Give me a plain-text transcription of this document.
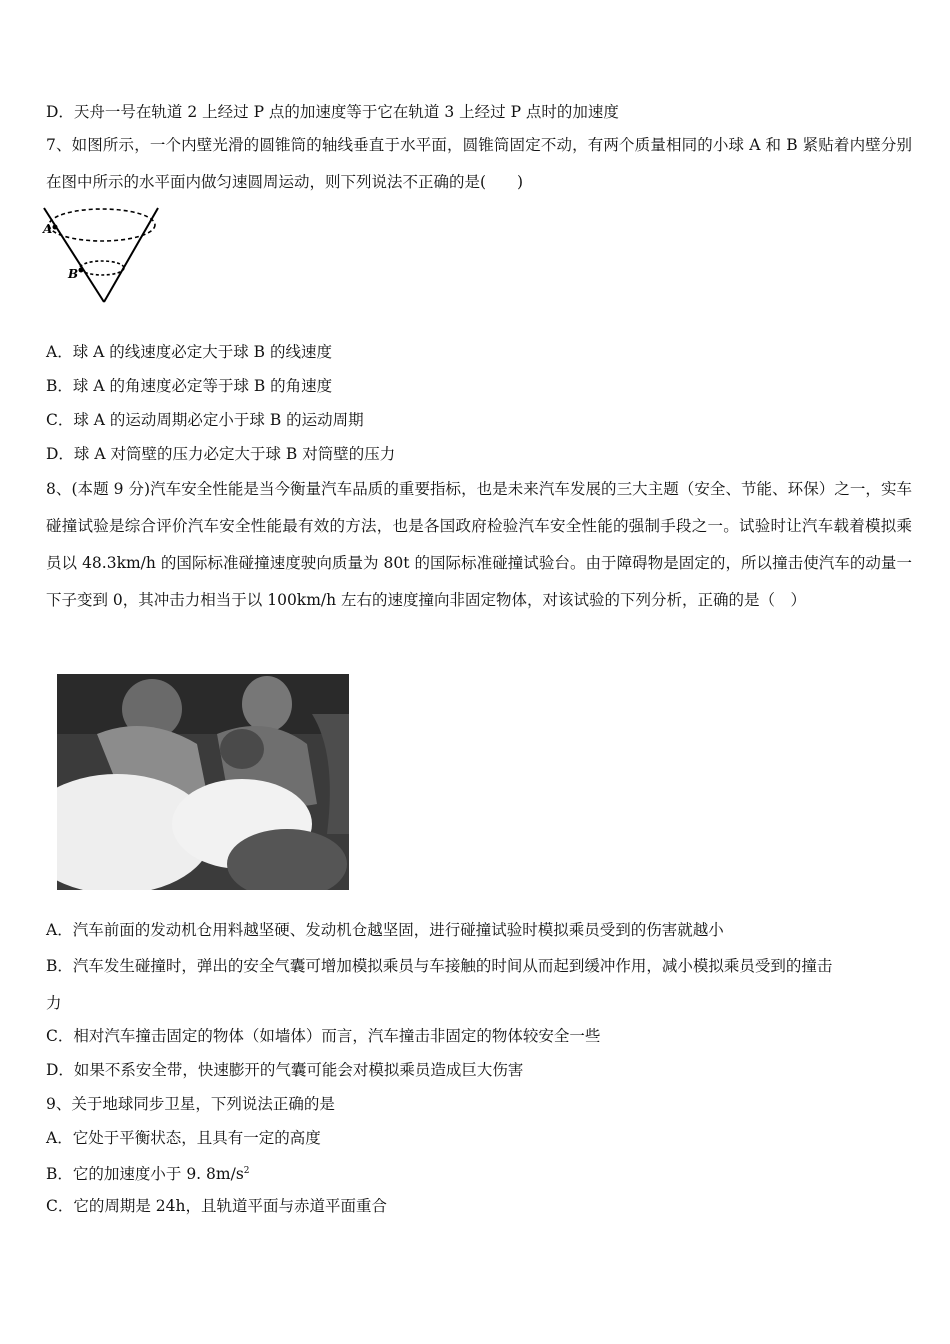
D．天舟一号在轨道 2 上经过 P 点的加速度等于它在轨道 3 上经过 P 点时的加速度
7、如图所示，一个内壁光滑的圆锥筒的轴线垂直于水平面，圆锥筒固定不动，有两个质量相同的小球 A 和 B 紧贴着内壁分别在图中所示的水平面内做匀速圆周运动，则下列说法不正确的是(　　)
A
B
A．球 A 的线速度必定大于球 B 的线速度
B．球 A 的角速度必定等于球 B 的角速度
C．球 A 的运动周期必定小于球 B 的运动周期
D．球 A 对筒壁的压力必定大于球 B 对筒壁的压力
8、(本题 9 分)汽车安全性能是当今衡量汽车品质的重要指标，也是未来汽车发展的三大主题（安全、节能、环保）之一，实车碰撞试验是综合评价汽车安全性能最有效的方法，也是各国政府检验汽车安全性能的强制手段之一。试验时让汽车载着模拟乘员以 48.3km/h 的国际标准碰撞速度驶向质量为 80t 的国际标准碰撞试验台。由于障碍物是固定的，所以撞击使汽车的动量一下子变到 0，其冲击力相当于以 100km/h 左右的速度撞向非固定物体，对该试验的下列分析，正确的是（　）
A．汽车前面的发动机仓用料越坚硬、发动机仓越坚固，进行碰撞试验时模拟乘员受到的伤害就越小
B．汽车发生碰撞时，弹出的安全气囊可增加模拟乘员与车接触的时间从而起到缓冲作用，减小模拟乘员受到的撞击
力
C．相对汽车撞击固定的物体（如墙体）而言，汽车撞击非固定的物体较安全一些
D．如果不系安全带，快速膨开的气囊可能会对模拟乘员造成巨大伤害
9、关于地球同步卫星，下列说法正确的是
A．它处于平衡状态，且具有一定的高度
B．它的加速度小于 9. $8m/s^2$
C．它的周期是 24h，且轨道平面与赤道平面重合
